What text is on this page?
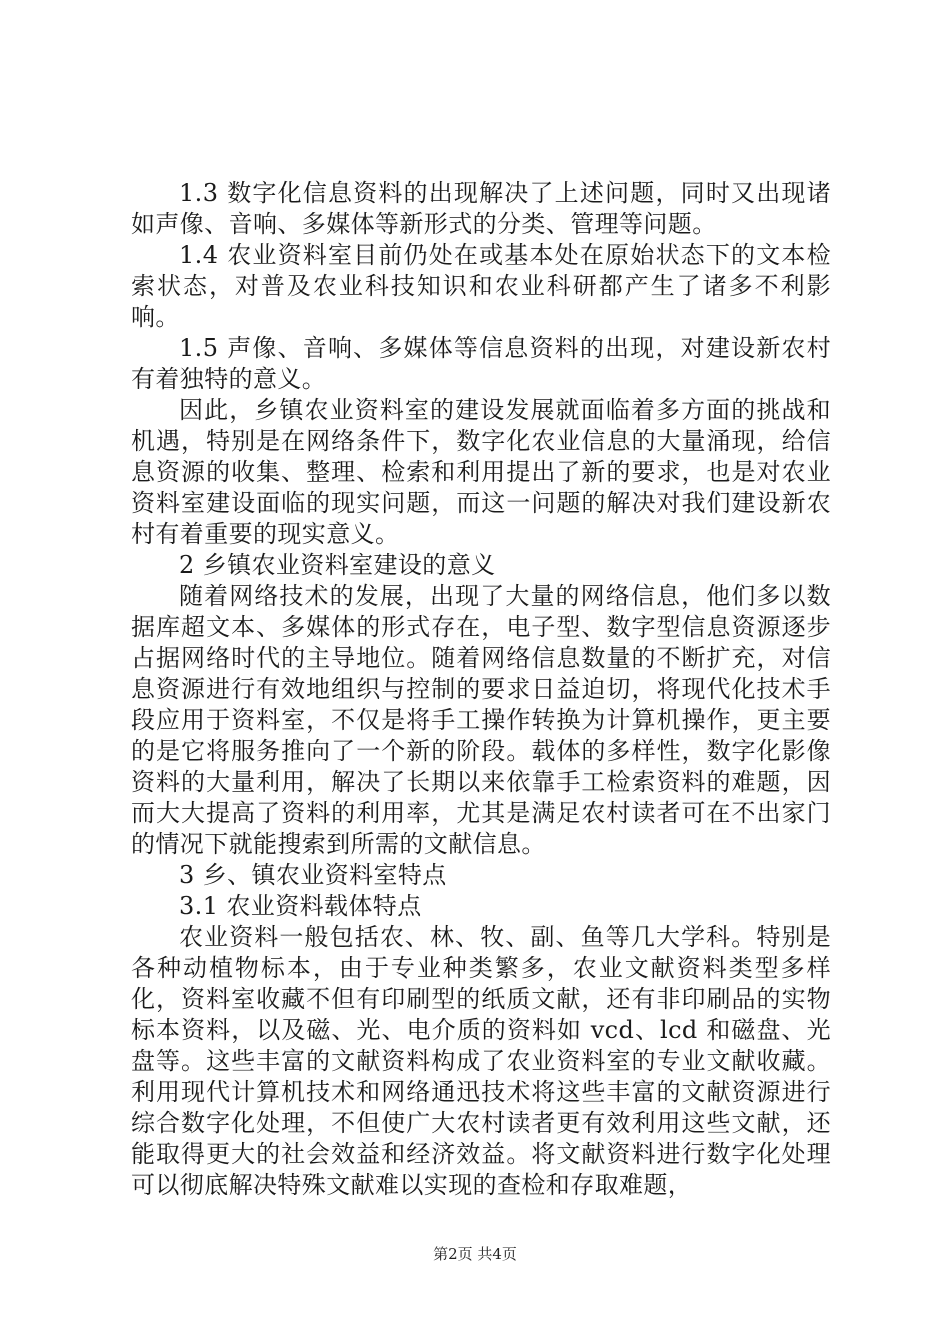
1.3 数字化信息资料的出现解决了上述问题，同时又出现诸如声像、音响、多媒体等新形式的分类、管理等问题。

1.4 农业资料室目前仍处在或基本处在原始状态下的文本检索状态，对普及农业科技知识和农业科研都产生了诸多不利影响。

1.5 声像、音响、多媒体等信息资料的出现，对建设新农村有着独特的意义。

因此，乡镇农业资料室的建设发展就面临着多方面的挑战和机遇，特别是在网络条件下，数字化农业信息的大量涌现，给信息资源的收集、整理、检索和利用提出了新的要求，也是对农业资料室建设面临的现实问题，而这一问题的解决对我们建设新农村有着重要的现实意义。

2 乡镇农业资料室建设的意义

随着网络技术的发展，出现了大量的网络信息，他们多以数据库超文本、多媒体的形式存在，电子型、数字型信息资源逐步占据网络时代的主导地位。随着网络信息数量的不断扩充，对信息资源进行有效地组织与控制的要求日益迫切，将现代化技术手段应用于资料室，不仅是将手工操作转换为计算机操作，更主要的是它将服务推向了一个新的阶段。载体的多样性，数字化影像资料的大量利用，解决了长期以来依靠手工检索资料的难题，因而大大提高了资料的利用率，尤其是满足农村读者可在不出家门的情况下就能搜索到所需的文献信息。

3 乡、镇农业资料室特点

3.1 农业资料载体特点

农业资料一般包括农、林、牧、副、鱼等几大学科。特别是各种动植物标本，由于专业种类繁多，农业文献资料类型多样化，资料室收藏不但有印刷型的纸质文献，还有非印刷品的实物标本资料，以及磁、光、电介质的资料如 vcd、lcd 和磁盘、光盘等。这些丰富的文献资料构成了农业资料室的专业文献收藏。利用现代计算机技术和网络通迅技术将这些丰富的文献资源进行综合数字化处理，不但使广大农村读者更有效利用这些文献，还能取得更大的社会效益和经济效益。将文献资料进行数字化处理可以彻底解决特殊文献难以实现的查检和存取难题，

第2页 共4页
